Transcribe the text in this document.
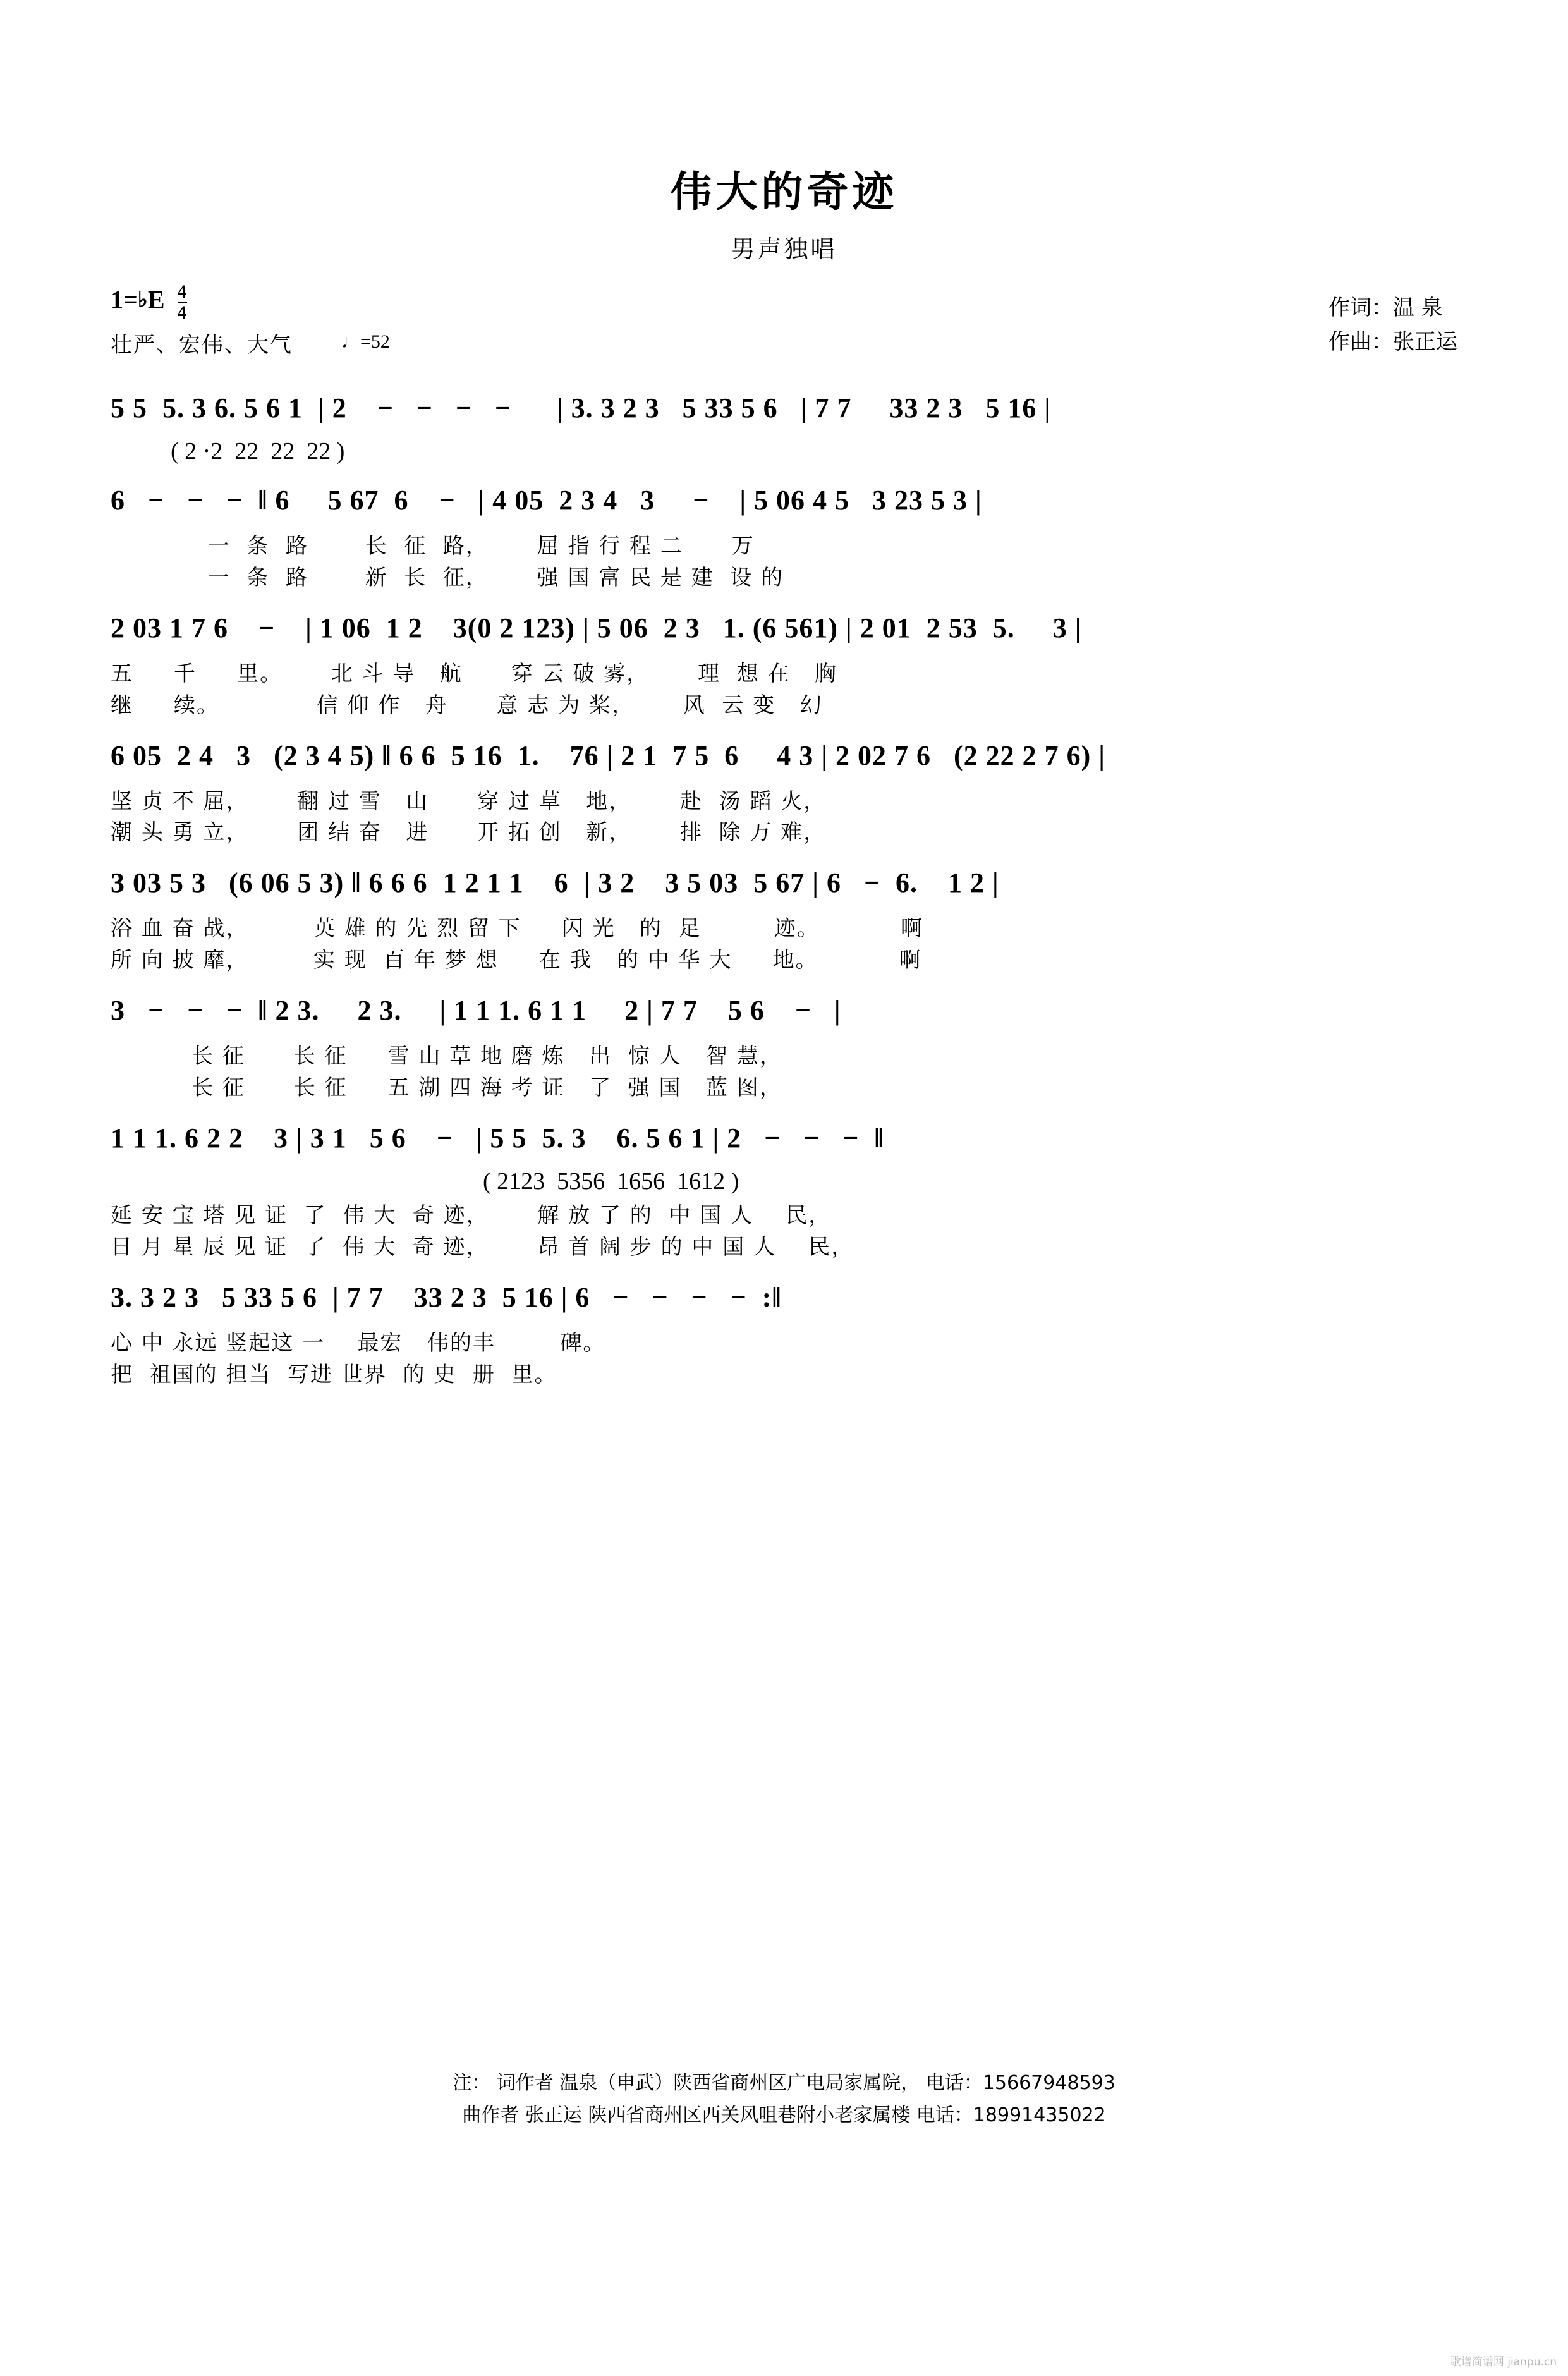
伟大的奇迹
男声独唱
1=♭E $\frac{4}{4}$
壮严、宏伟、大气	♩=52
作词：温 泉
作曲：张正运
5 5  5. 3 6. 5 6 1  | 2    −   −   −   −      | 3. 3 2 3   5 33 5 6   | 7 7     33 2 3   5 16 |
( 2 ·2  22  22  22 )
6   −   −   −  ‖ 6     5 67  6    −   | 4 05  2 3 4   3     −    | 5 06 4 5   3 23 5 3 |
一  条  路       长  征  路，      屈 指 行 程 二      万
一  条  路       新  长  征，      强 国 富 民 是 建  设 的
2 03 1 7 6    −    | 1 06  1 2    3(0 2 123) | 5 06  2 3   1. (6 561) | 2 01  2 53  5.     3 |
五     千     里。      北 斗 导   航      穿 云 破 雾，      理  想 在   胸
继     续。            信 仰 作   舟      意 志 为 桨，      风  云 变   幻
6 05  2 4   3   (2 3 4 5) ‖ 6 6  5 16  1.    76 | 2 1  7 5  6     4 3 | 2 02 7 6   (2 22 2 7 6) |
坚 贞 不 屈，      翻 过 雪   山      穿 过 草   地，      赴  汤 蹈 火，
潮 头 勇 立，      团 结 奋   进      开 拓 创   新，      排  除 万 难，
3 03 5 3   (6 06 5 3) ‖ 6 6 6  1 2 1 1    6  | 3 2    3 5 03  5 67 | 6   −  6.    1 2 |
浴 血 奋 战，        英 雄 的 先 烈 留 下     闪 光   的  足         迹。          啊
所 向 披 靡，        实 现  百 年 梦 想     在 我   的 中 华 大     地。          啊
3   −   −   −  ‖ 2 3.     2 3.     | 1 1 1. 6 1 1     2 | 7 7    5 6    −   |
长 征      长 征     雪 山 草 地 磨 炼   出  惊 人   智 慧，
长 征      长 征     五 湖 四 海 考 证   了  强 国   蓝 图，
1 1 1. 6 2 2    3 | 3 1   5 6    −   | 5 5  5. 3    6. 5 6 1 | 2   −   −   −  ‖
( 2123  5356  1656  1612 )
延 安 宝 塔 见 证  了  伟 大  奇 迹，      解 放 了 的  中 国 人    民，
日 月 星 辰 见 证  了  伟 大  奇 迹，      昂 首 阔 步 的 中 国 人    民，
3. 3 2 3   5 33 5 6  | 7 7    33 2 3  5 16 | 6   −   −   −   −  :‖
心 中 永远 竖起这 一    最宏   伟的丰        碑。
把  祖国的 担当  写进 世界  的 史  册  里。
注： 词作者 温泉（申武）陕西省商州区广电局家属院， 电话：15667948593
曲作者 张正运 陕西省商州区西关风咀巷附小老家属楼 电话：18991435022
歌谱简谱网 jianpu.cn
